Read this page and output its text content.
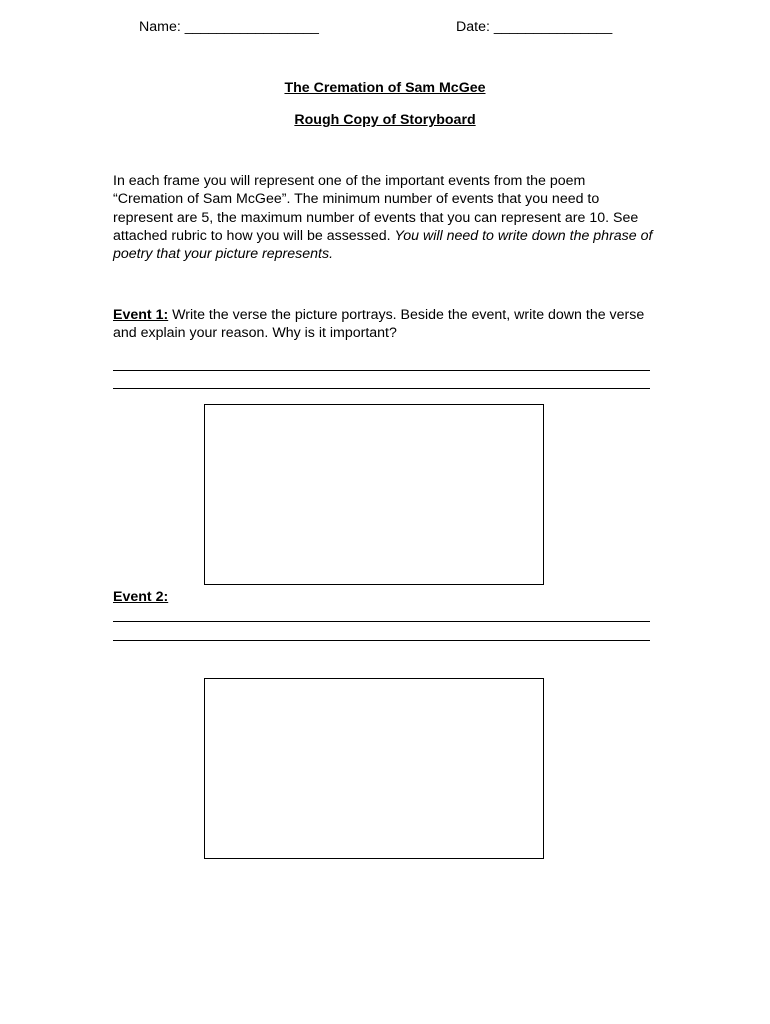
Name: _________________	Date: _______________
The Cremation of Sam McGee
Rough Copy of Storyboard
In each frame you will represent one of the important events from the poem “Cremation of Sam McGee”. The minimum number of events that you need to represent are 5, the maximum number of events that you can represent are 10. See attached rubric to how you will be assessed. You will need to write down the phrase of poetry that your picture represents.
Event 1: Write the verse the picture portrays. Beside the event, write down the verse and explain your reason. Why is it important?
Event 2:
